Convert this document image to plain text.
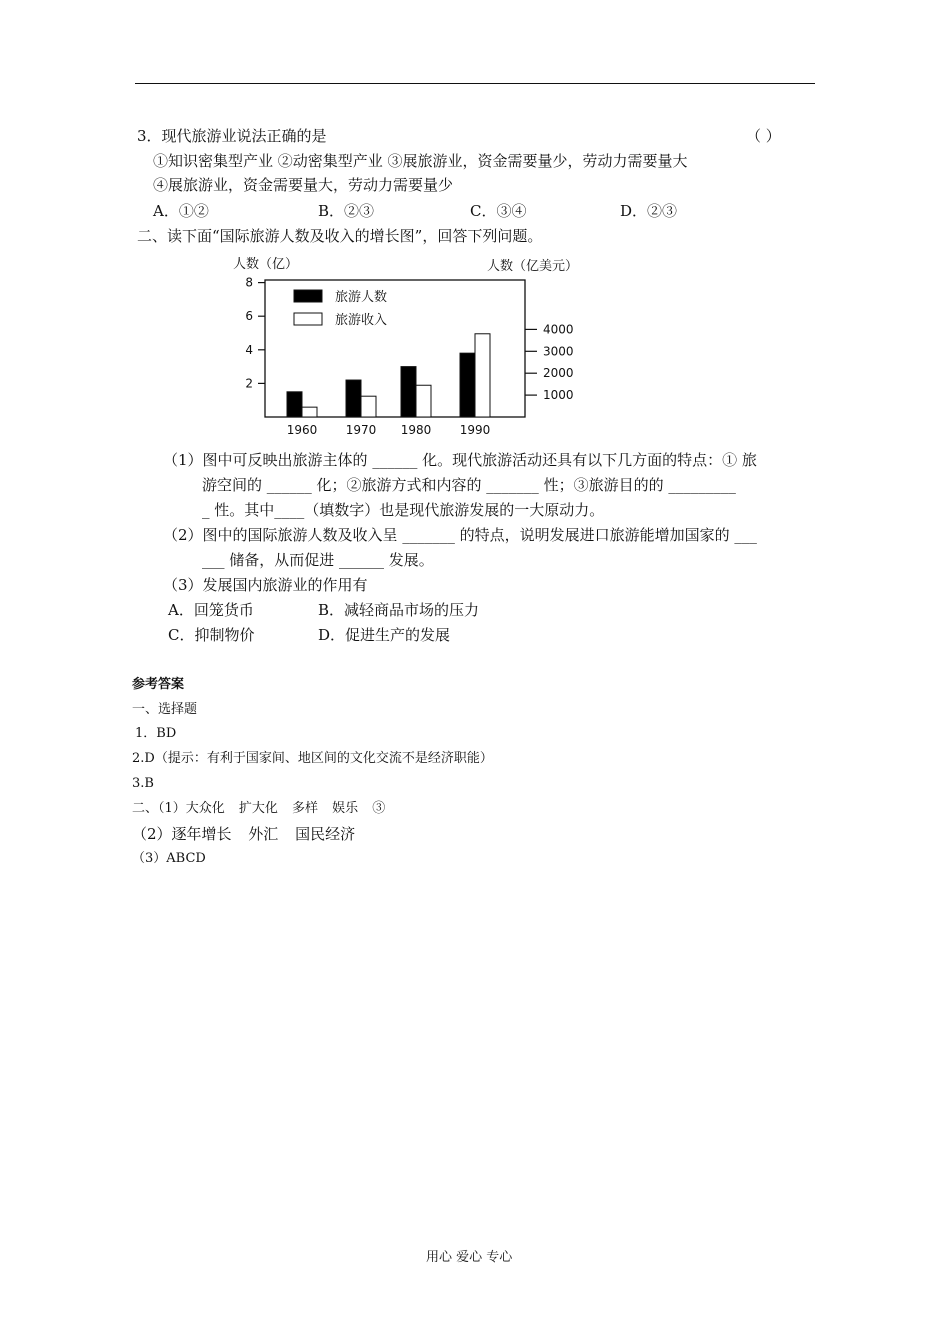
3．现代旅游业说法正确的是	（ ）
①知识密集型产业 ②动密集型产业 ③展旅游业，资金需要量少，劳动力需要量大
④展旅游业，资金需要量大，劳动力需要量少
A．①②	B．②③	C．③④	D．②③
二、读下面“国际旅游人数及收入的增长图”，回答下列问题。
人数（亿）	人数（亿美元）
2
4
6
8
1000
2000
3000
4000
1960 1970 1980 1990
旅游人数
旅游收入
（1）图中可反映出旅游主体的 ______ 化。现代旅游活动还具有以下几方面的特点：① 旅
游空间的 ______ 化；②旅游方式和内容的 _______ 性；③旅游目的的 _________
_ 性。其中____（填数字）也是现代旅游发展的一大原动力。
（2）图中的国际旅游人数及收入呈 _______ 的特点，说明发展进口旅游能增加国家的 ___
___ 储备，从而促进 ______ 发展。
（3）发展国内旅游业的作用有
A．回笼货币	B．减轻商品市场的压力
C．抑制物价	D．促进生产的发展
参考答案
一、选择题
1．BD
2.D（提示：有利于国家间、地区间的文化交流不是经济职能）
3.B
二、（1）大众化 扩大化 多样 娱乐 ③
（2）逐年增长 外汇 国民经济
（3）ABCD
用心 爱心 专心
